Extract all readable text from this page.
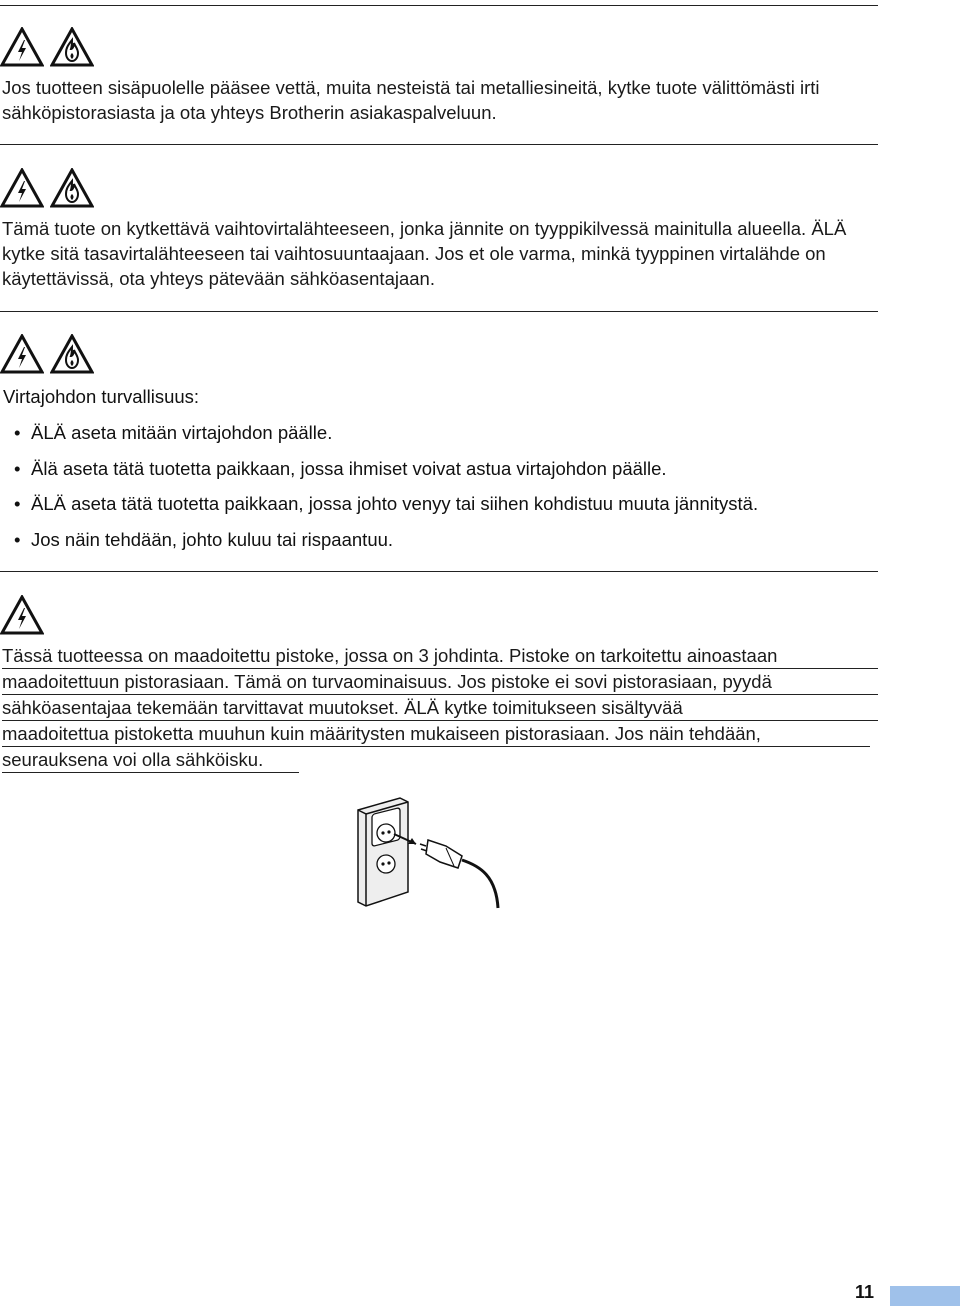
Jos tuotteen sisäpuolelle pääsee vettä, muita nesteistä tai metalliesineitä, kytke tuote välittömästi irti sähköpistorasiasta ja ota yhteys Brotherin asiakaspalveluun.

Tämä tuote on kytkettävä vaihtovirtalähteeseen, jonka jännite on tyyppikilvessä mainitulla alueella. ÄLÄ kytke sitä tasavirtalähteeseen tai vaihtosuuntaajaan. Jos et ole varma, minkä tyyppinen virtalähde on käytettävissä, ota yhteys pätevään sähköasentajaan.

Virtajohdon turvallisuus:

• ÄLÄ aseta mitään virtajohdon päälle.
• Älä aseta tätä tuotetta paikkaan, jossa ihmiset voivat astua virtajohdon päälle.
• ÄLÄ aseta tätä tuotetta paikkaan, jossa johto venyy tai siihen kohdistuu muuta jännitystä.
• Jos näin tehdään, johto kuluu tai rispaantuu.
Tässä tuotteessa on maadoitettu pistoke, jossa on 3 johdinta. Pistoke on tarkoitettu ainoastaan
maadoitettuun pistorasiaan. Tämä on turvaominaisuus. Jos pistoke ei sovi pistorasiaan, pyydä
sähköasentajaa tekemään tarvittavat muutokset. ÄLÄ kytke toimitukseen sisältyvää
maadoitettua pistoketta muuhun kuin määritysten mukaiseen pistorasiaan. Jos näin tehdään,
seurauksena voi olla sähköisku.
11
